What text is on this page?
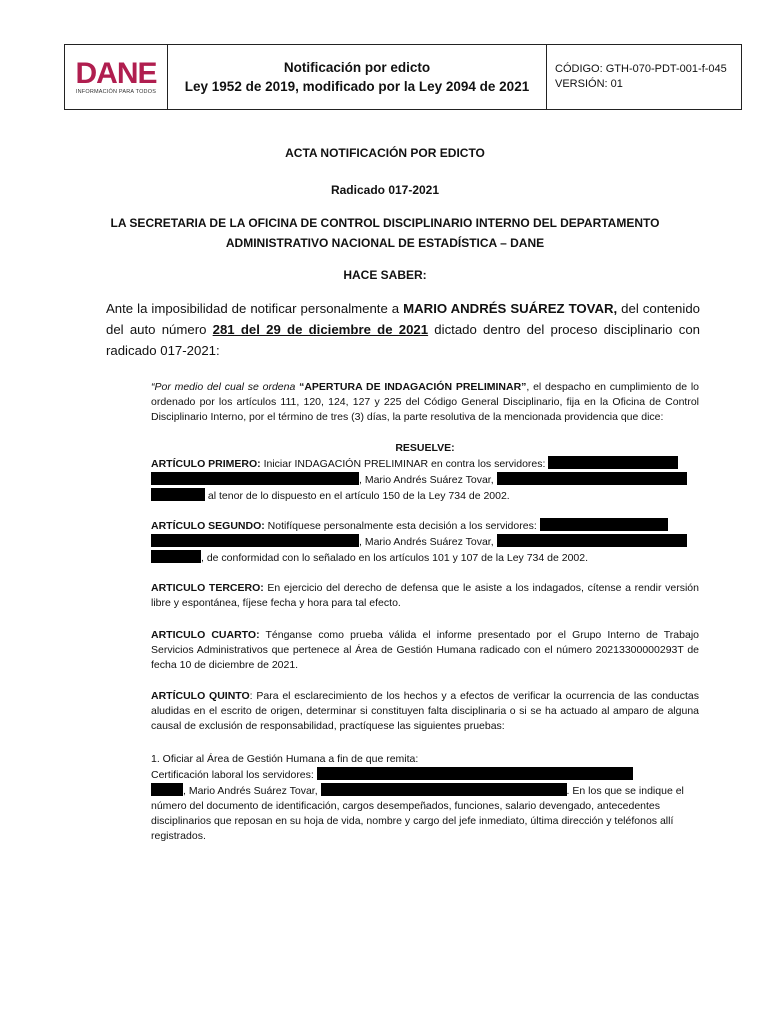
DANE
INFORMACIÓN PARA TODOS
Notificación por edicto
Ley 1952 de 2019, modificado por la Ley 2094 de 2021
CÓDIGO: GTH-070-PDT-001-f-045
VERSIÓN: 01
ACTA NOTIFICACIÓN POR EDICTO
Radicado 017-2021
LA SECRETARIA DE LA OFICINA DE CONTROL DISCIPLINARIO INTERNO DEL DEPARTAMENTO
ADMINISTRATIVO NACIONAL DE ESTADÍSTICA – DANE
HACE SABER:
Ante la imposibilidad de notificar personalmente a MARIO ANDRÉS SUÁREZ TOVAR, del contenido del auto número 281 del 29 de diciembre de 2021 dictado dentro del proceso disciplinario con radicado 017-2021:
“Por medio del cual se ordena “APERTURA DE INDAGACIÓN PRELIMINAR”, el despacho en cumplimiento de lo ordenado por los artículos 111, 120, 124, 127 y 225 del Código General Disciplinario, fija en la Oficina de Control Disciplinario Interno, por el término de tres (3) días, la parte resolutiva de la mencionada providencia que dice:
RESUELVE:
ARTÍCULO PRIMERO: Iniciar INDAGACIÓN PRELIMINAR en contra los servidores:
, Mario Andrés Suárez Tovar,
al tenor de lo dispuesto en el artículo 150 de la Ley 734 de 2002.
ARTÍCULO SEGUNDO: Notifíquese personalmente esta decisión a los servidores:
, Mario Andrés Suárez Tovar,
, de conformidad con lo señalado en los artículos 101 y 107 de la Ley 734 de 2002.
ARTICULO TERCERO: En ejercicio del derecho de defensa que le asiste a los indagados, cítense a rendir versión libre y espontánea, fíjese fecha y hora para tal efecto.
ARTICULO CUARTO: Ténganse como prueba válida el informe presentado por el Grupo Interno de Trabajo Servicios Administrativos que pertenece al Área de Gestión Humana radicado con el número 20213300000293T de fecha 10 de diciembre de 2021.
ARTÍCULO QUINTO: Para el esclarecimiento de los hechos y a efectos de verificar la ocurrencia de las conductas aludidas en el escrito de origen, determinar si constituyen falta disciplinaria o si se ha actuado al amparo de alguna causal de exclusión de responsabilidad, practíquese las siguientes pruebas:
1. Oficiar al Área de Gestión Humana a fin de que remita:
Certificación laboral los servidores:
, Mario Andrés Suárez Tovar,	. En los que se indique el número del documento de identificación, cargos desempeñados, funciones, salario devengado, antecedentes disciplinarios que reposan en su hoja de vida, nombre y cargo del jefe inmediato, última dirección y teléfonos allí registrados.
